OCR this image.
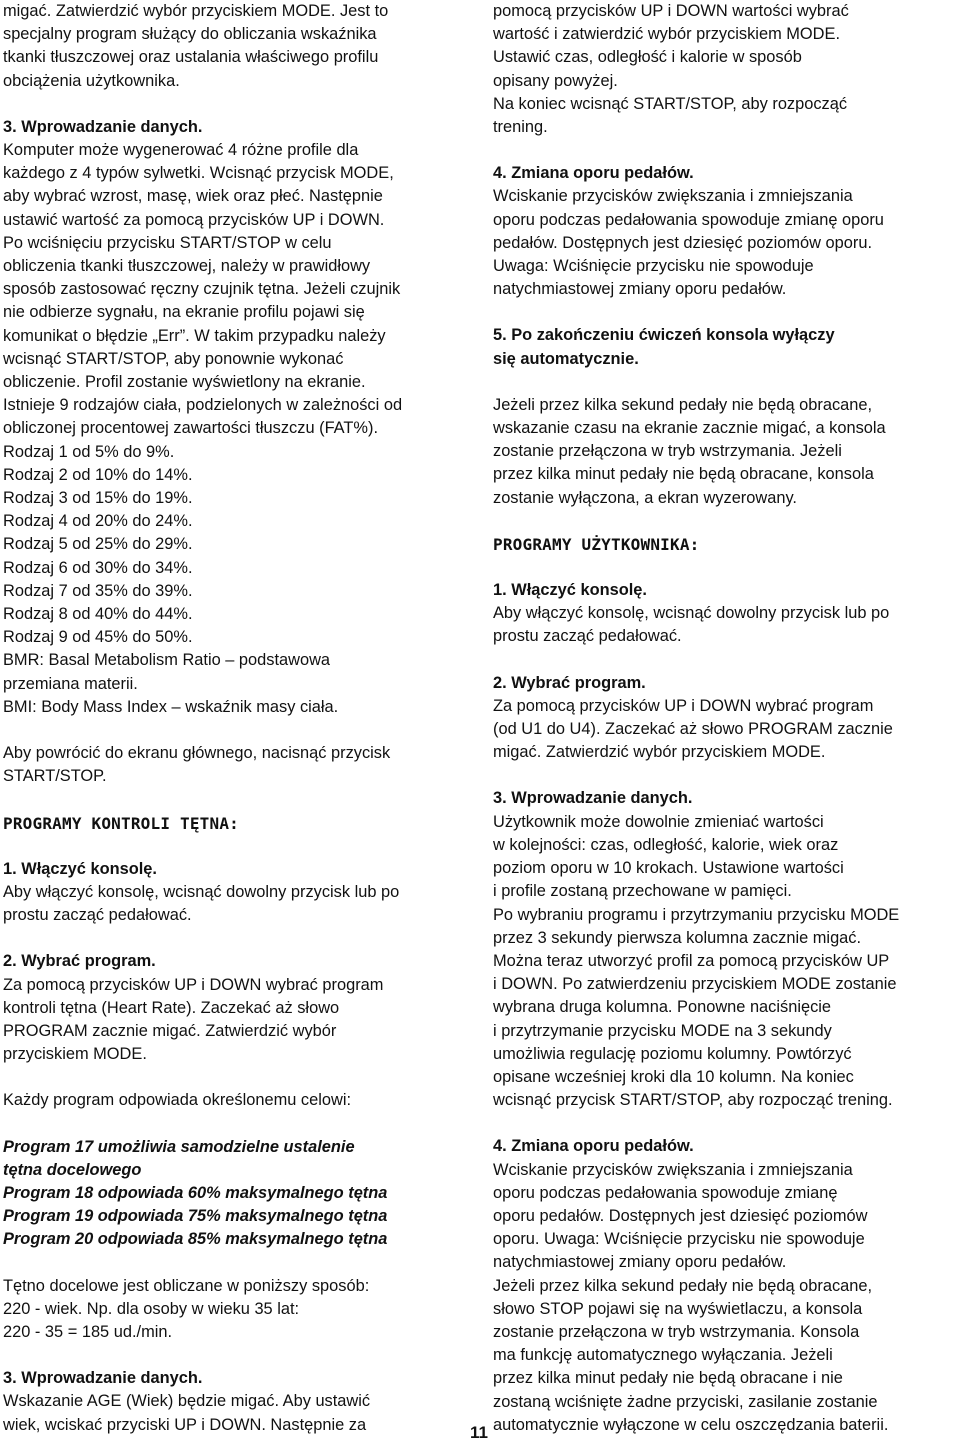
migać. Zatwierdzić wybór przyciskiem MODE. Jest to
specjalny program służący do obliczania wskaźnika
tkanki tłuszczowej oraz ustalania właściwego profilu
obciążenia użytkownika.

3. Wprowadzanie danych.

Komputer może wygenerować 4 różne profile dla
każdego z 4 typów sylwetki. Wcisnąć przycisk MODE,
aby wybrać wzrost, masę, wiek oraz płeć. Następnie
ustawić wartość za pomocą przycisków UP i DOWN.
Po wciśnięciu przycisku START/STOP w celu
obliczenia tkanki tłuszczowej, należy w prawidłowy
sposób zastosować ręczny czujnik tętna. Jeżeli czujnik
nie odbierze sygnału, na ekranie profilu pojawi się
komunikat o błędzie „Err”. W takim przypadku należy
wcisnąć START/STOP, aby ponownie wykonać
obliczenie. Profil zostanie wyświetlony na ekranie.
Istnieje 9 rodzajów ciała, podzielonych w zależności od
obliczonej procentowej zawartości tłuszczu (FAT%).

Rodzaj 1 od 5% do 9%.

Rodzaj 2 od 10% do 14%.

Rodzaj 3 od 15% do 19%.

Rodzaj 4 od 20% do 24%.

Rodzaj 5 od 25% do 29%.

Rodzaj 6 od 30% do 34%.

Rodzaj 7 od 35% do 39%.

Rodzaj 8 od 40% do 44%.

Rodzaj 9 od 45% do 50%.

BMR: Basal Metabolism Ratio – podstawowa
przemiana materii.

BMI: Body Mass Index – wskaźnik masy ciała.

Aby powrócić do ekranu głównego, nacisnąć przycisk
START/STOP.

PROGRAMY KONTROLI TĘTNA:

1. Włączyć konsolę.

Aby włączyć konsolę, wcisnąć dowolny przycisk lub po
prostu zacząć pedałować.

2. Wybrać program.

Za pomocą przycisków UP i DOWN wybrać program
kontroli tętna (Heart Rate). Zaczekać aż słowo
PROGRAM zacznie migać. Zatwierdzić wybór
przyciskiem MODE.

Każdy program odpowiada określonemu celowi:

Program 17 umożliwia samodzielne ustalenie
tętna docelowego

Program 18 odpowiada 60% maksymalnego tętna

Program 19 odpowiada 75% maksymalnego tętna

Program 20 odpowiada 85% maksymalnego tętna

Tętno docelowe jest obliczane w poniższy sposób:
220 - wiek. Np. dla osoby w wieku 35 lat:
220 - 35 = 185 ud./min.

3. Wprowadzanie danych.

Wskazanie AGE (Wiek) będzie migać. Aby ustawić
wiek, wciskać przyciski UP i DOWN. Następnie za

pomocą przycisków UP i DOWN wartości wybrać
wartość i zatwierdzić wybór przyciskiem MODE.
Ustawić czas, odległość i kalorie w sposób
opisany powyżej.
Na koniec wcisnąć START/STOP, aby rozpocząć
trening.

4. Zmiana oporu pedałów.

Wciskanie przycisków zwiększania i zmniejszania
oporu podczas pedałowania spowoduje zmianę oporu
pedałów. Dostępnych jest dziesięć poziomów oporu.
Uwaga: Wciśnięcie przycisku nie spowoduje
natychmiastowej zmiany oporu pedałów.

5. Po zakończeniu ćwiczeń konsola wyłączy
się automatycznie.

Jeżeli przez kilka sekund pedały nie będą obracane,
wskazanie czasu na ekranie zacznie migać, a konsola
zostanie przełączona w tryb wstrzymania. Jeżeli
przez kilka minut pedały nie będą obracane, konsola
zostanie wyłączona, a ekran wyzerowany.

PROGRAMY UŻYTKOWNIKA:

1. Włączyć konsolę.

Aby włączyć konsolę, wcisnąć dowolny przycisk lub po
prostu zacząć pedałować.

2. Wybrać program.

Za pomocą przycisków UP i DOWN wybrać program
(od U1 do U4). Zaczekać aż słowo PROGRAM zacznie
migać. Zatwierdzić wybór przyciskiem MODE.

3. Wprowadzanie danych.

Użytkownik może dowolnie zmieniać wartości
w kolejności: czas, odległość, kalorie, wiek oraz
poziom oporu w 10 krokach. Ustawione wartości
i profile zostaną przechowane w pamięci.
Po wybraniu programu i przytrzymaniu przycisku MODE
przez 3 sekundy pierwsza kolumna zacznie migać.
Można teraz utworzyć profil za pomocą przycisków UP
i DOWN. Po zatwierdzeniu przyciskiem MODE zostanie
wybrana druga kolumna. Ponowne naciśnięcie
i przytrzymanie przycisku MODE na 3 sekundy
umożliwia regulację poziomu kolumny. Powtórzyć
opisane wcześniej kroki dla 10 kolumn. Na koniec
wcisnąć przycisk START/STOP, aby rozpocząć trening.

4. Zmiana oporu pedałów.

Wciskanie przycisków zwiększania i zmniejszania
oporu podczas pedałowania spowoduje zmianę
oporu pedałów. Dostępnych jest dziesięć poziomów
oporu. Uwaga: Wciśnięcie przycisku nie spowoduje
natychmiastowej zmiany oporu pedałów.
Jeżeli przez kilka sekund pedały nie będą obracane,
słowo STOP pojawi się na wyświetlaczu, a konsola
zostanie przełączona w tryb wstrzymania. Konsola
ma funkcję automatycznego wyłączania. Jeżeli
przez kilka minut pedały nie będą obracane i nie
zostaną wciśnięte żadne przyciski, zasilanie zostanie
automatycznie wyłączone w celu oszczędzania baterii.

11
